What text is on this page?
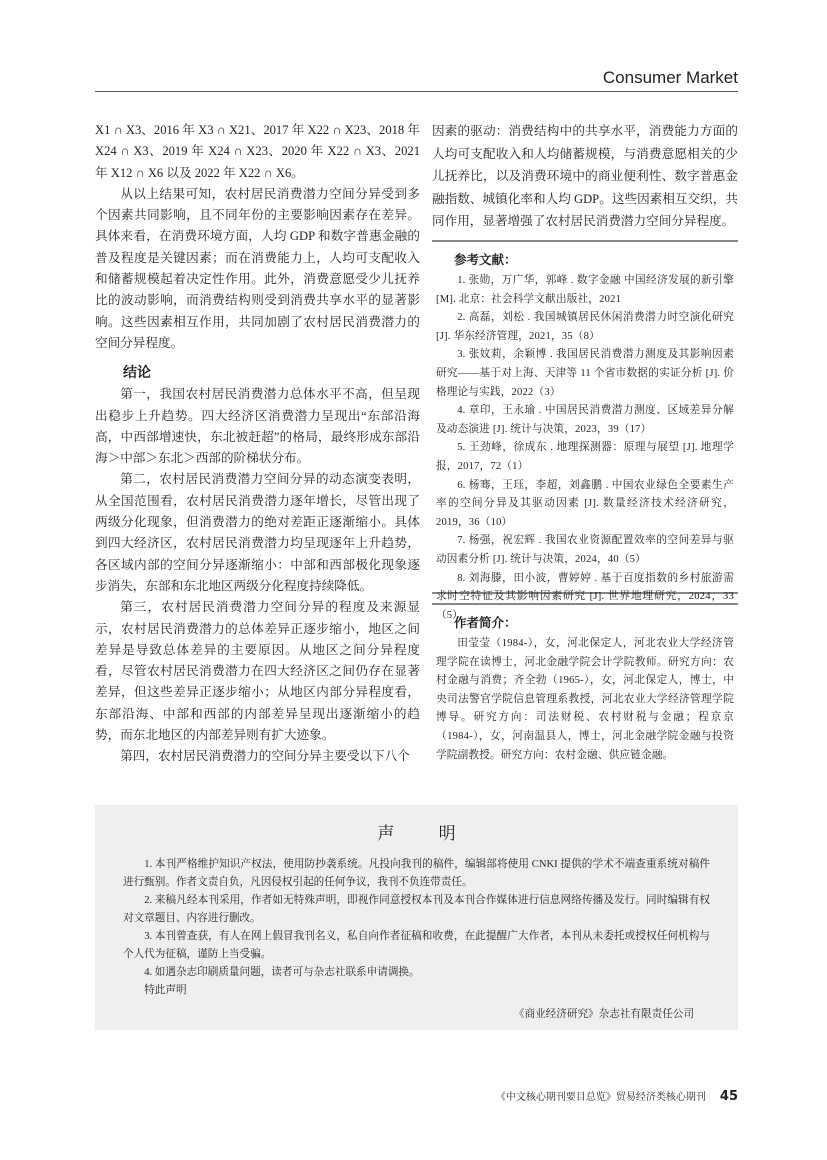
Consumer Market

X1 ∩ X3、2016 年 X3 ∩ X21、2017 年 X22 ∩ X23、2018 年 X24 ∩ X3、2019 年 X24 ∩ X23、2020 年 X22 ∩ X3、2021 年 X12 ∩ X6 以及 2022 年 X22 ∩ X6。

从以上结果可知，农村居民消费潜力空间分异受到多个因素共同影响，且不同年份的主要影响因素存在差异。具体来看，在消费环境方面，人均 GDP 和数字普惠金融的普及程度是关键因素；而在消费能力上，人均可支配收入和储蓄规模起着决定性作用。此外，消费意愿受少儿抚养比的波动影响，而消费结构则受到消费共享水平的显著影响。这些因素相互作用，共同加剧了农村居民消费潜力的空间分异程度。

结论

第一，我国农村居民消费潜力总体水平不高，但呈现出稳步上升趋势。四大经济区消费潜力呈现出“东部沿海高，中西部增速快，东北被赶超”的格局，最终形成东部沿海＞中部＞东北＞西部的阶梯状分布。

第二，农村居民消费潜力空间分异的动态演变表明，从全国范围看，农村居民消费潜力逐年增长，尽管出现了两级分化现象，但消费潜力的绝对差距正逐渐缩小。具体到四大经济区，农村居民消费潜力均呈现逐年上升趋势，各区域内部的空间分异逐渐缩小：中部和西部极化现象逐步消失，东部和东北地区两级分化程度持续降低。

第三，农村居民消费潜力空间分异的程度及来源显示，农村居民消费潜力的总体差异正逐步缩小，地区之间差异是导致总体差异的主要原因。从地区之间分异程度看，尽管农村居民消费潜力在四大经济区之间仍存在显著差异，但这些差异正逐步缩小；从地区内部分异程度看，东部沿海、中部和西部的内部差异呈现出逐渐缩小的趋势，而东北地区的内部差异则有扩大迹象。

第四，农村居民消费潜力的空间分异主要受以下八个

因素的驱动：消费结构中的共享水平，消费能力方面的人均可支配收入和人均储蓄规模，与消费意愿相关的少儿抚养比，以及消费环境中的商业便利性、数字普惠金融指数、城镇化率和人均 GDP。这些因素相互交织，共同作用，显著增强了农村居民消费潜力空间分异程度。

参考文献：

1. 张勋，万广华，郭峰 . 数字金融 中国经济发展的新引擎 [M]. 北京：社会科学文献出版社，2021

2. 高磊，刘松 . 我国城镇居民休闲消费潜力时空演化研究 [J]. 华东经济管理，2021，35（8）

3. 张妏莉，余颖博 . 我国居民消费潜力测度及其影响因素研究——基于对上海、天津等 11 个省市数据的实证分析 [J]. 价格理论与实践，2022（3）

4. 章印，王永瑜 . 中国居民消费潜力测度、区域差异分解及动态演进 [J]. 统计与决策，2023，39（17）

5. 王劲峰，徐成东 . 地理探测器：原理与展望 [J]. 地理学报，2017，72（1）

6. 杨骞，王珏，李超，刘鑫鹏 . 中国农业绿色全要素生产率的空间分异及其驱动因素 [J]. 数量经济技术经济研究，2019，36（10）

7. 杨强，祝宏辉 . 我国农业资源配置效率的空间差异与驱动因素分析 [J]. 统计与决策，2024，40（5）

8. 刘海滕，田小波，曹婷婷 . 基于百度指数的乡村旅游需求时空特征及其影响因素研究 [J]. 世界地理研究，2024，33（5）

作者简介：

田莹莹（1984-），女，河北保定人，河北农业大学经济管理学院在读博士，河北金融学院会计学院教师。研究方向：农村金融与消费；齐全勃（1965-），女，河北保定人，博士，中央司法警官学院信息管理系教授，河北农业大学经济管理学院博导。研究方向：司法财税、农村财税与金融；程京京（1984-），女，河南温县人，博士，河北金融学院金融与投资学院副教授。研究方向：农村金融、供应链金融。

声明

1. 本刊严格维护知识产权法，使用防抄袭系统。凡投向我刊的稿件，编辑部将使用 CNKI 提供的学术不端查重系统对稿件进行甄别。作者文责自负，凡因侵权引起的任何争议，我刊不负连带责任。

2. 来稿凡经本刊采用，作者如无特殊声明，即视作同意授权本刊及本刊合作媒体进行信息网络传播及发行。同时编辑有权对文章题目、内容进行删改。

3. 本刊曾查获，有人在网上假冒我刊名义，私自向作者征稿和收费，在此提醒广大作者，本刊从未委托或授权任何机构与个人代为征稿，谨防上当受骗。

4. 如遇杂志印刷质量问题，读者可与杂志社联系申请调换。

特此声明

《商业经济研究》杂志社有限责任公司

《中文核心期刊要目总览》贸易经济类核心期刊 45
